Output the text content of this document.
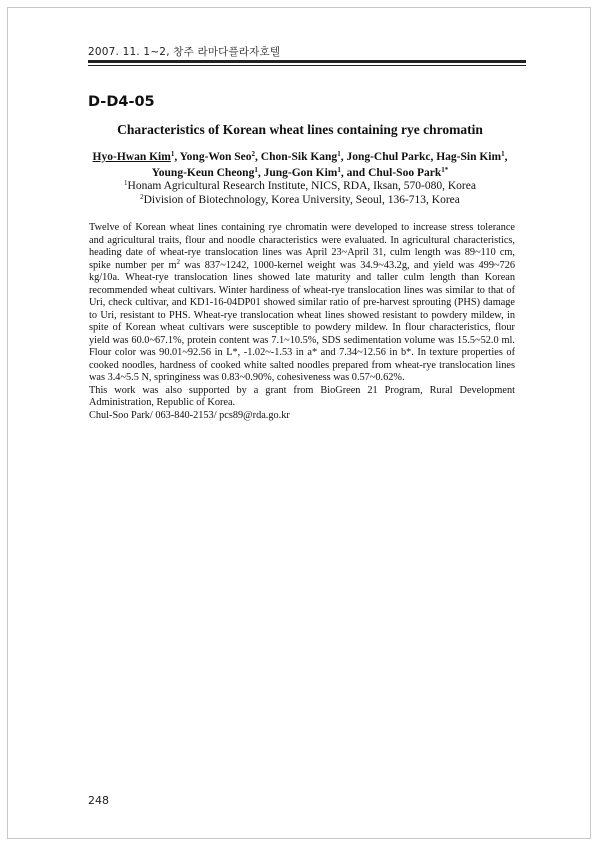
2007. 11. 1~2, 창주 라마다플라자호텔
D-D4-05
Characteristics of Korean wheat lines containing rye chromatin
Hyo-Hwan Kim$^1$, Yong-Won Seo$^2$, Chon-Sik Kang$^1$, Jong-Chul Parkc, Hag-Sin Kim$^1$,
Young-Keun Cheong$^1$, Jung-Gon Kim$^1$, and Chul-Soo Park$^{1*}$
$^1$Honam Agricultural Research Institute, NICS, RDA, Iksan, 570-080, Korea
$^2$Division of Biotechnology, Korea University, Seoul, 136-713, Korea

Twelve of Korean wheat lines containing rye chromatin were developed to increase stress tolerance and agricultural traits, flour and noodle characteristics were evaluated. In agricultural characteristics, heading date of wheat-rye translocation lines was April 23~April 31, culm length was 89~110 cm, spike number per $m^2$ was 837~1242, 1000-kernel weight was 34.9~43.2g, and yield was 499~726 kg/10a. Wheat-rye translocation lines showed late maturity and taller culm length than Korean recommended wheat cultivars. Winter hardiness of wheat-rye translocation lines was similar to that of Uri, check cultivar, and KD1-16-04DP01 showed similar ratio of pre-harvest sprouting (PHS) damage to Uri, resistant to PHS. Wheat-rye translocation wheat lines showed resistant to powdery mildew, in spite of Korean wheat cultivars were susceptible to powdery mildew. In flour characteristics, flour yield was 60.0~67.1%, protein content was 7.1~10.5%, SDS sedimentation volume was 15.5~52.0 ml. Flour color was 90.01~92.56 in L*, -1.02~-1.53 in a* and 7.34~12.56 in b*. In texture properties of cooked noodles, hardness of cooked white salted noodles prepared from wheat-rye translocation lines was 3.4~5.5 N, springiness was 0.83~0.90%, cohesiveness was 0.57~0.62%.

This work was also supported by a grant from BioGreen 21 Program, Rural Development Administration, Republic of Korea.

Chul-Soo Park/ 063-840-2153/ pcs89@rda.go.kr

248
